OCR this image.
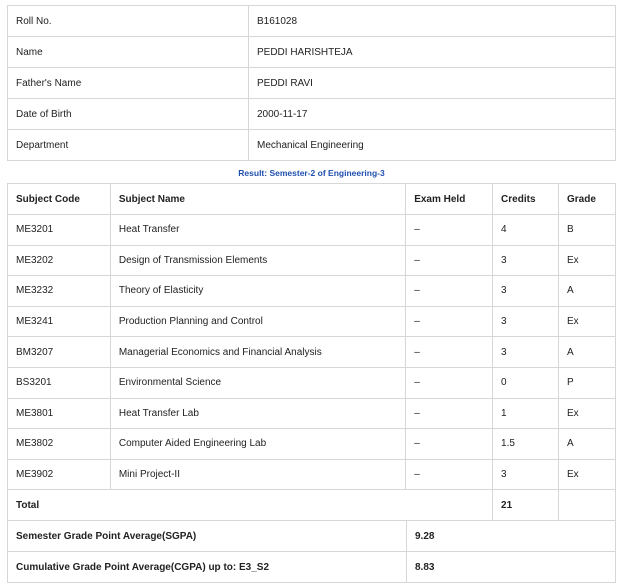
Roll No.	B161028
Name	PEDDI HARISHTEJA
Father's Name	PEDDI RAVI
Date of Birth	2000-11-17
Department	Mechanical Engineering
Result: Semester-2 of Engineering-3
Subject Code	Subject Name	Exam Held	Credits	Grade
ME3201	Heat Transfer	–	4	B
ME3202	Design of Transmission Elements	–	3	Ex
ME3232	Theory of Elasticity	–	3	A
ME3241	Production Planning and Control	–	3	Ex
BM3207	Managerial Economics and Financial Analysis	–	3	A
BS3201	Environmental Science	–	0	P
ME3801	Heat Transfer Lab	–	1	Ex
ME3802	Computer Aided Engineering Lab	–	1.5	A
ME3902	Mini Project-II	–	3	Ex
Total			21	
Semester Grade Point Average(SGPA)	9.28
Cumulative Grade Point Average(CGPA) up to: E3_S2	8.83
